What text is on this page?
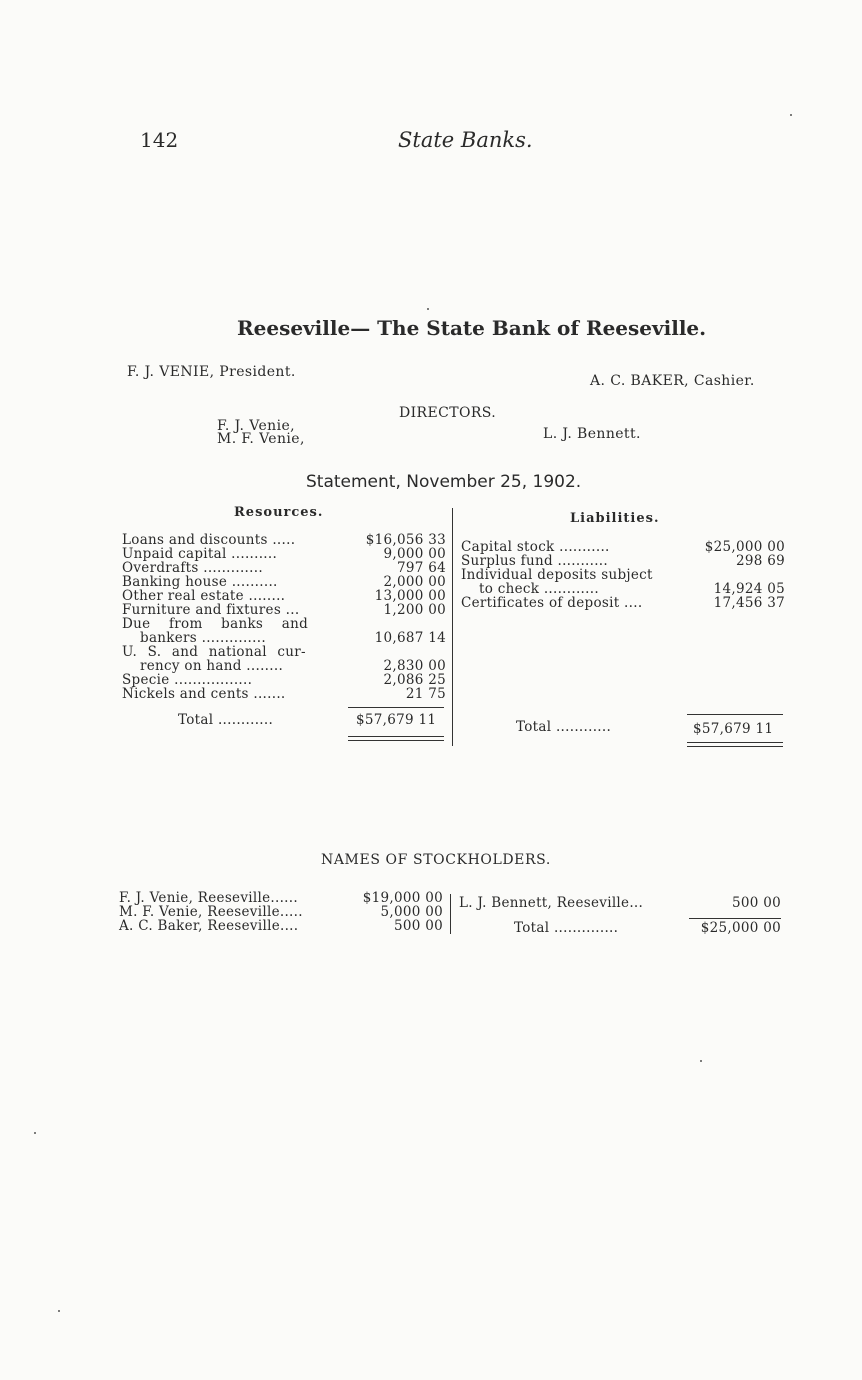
142	State Banks.
Reeseville— The State Bank of Reeseville.
F. J. VENIE, President.
A. C. BAKER, Cashier.
DIRECTORS.
F. J. Venie,
M. F. Venie,	L. J. Bennett.
Statement, November 25, 1902.
Resources.	Liabilities.
Loans and discounts .....	$16,056 33
Unpaid capital ..........	9,000 00
Overdrafts .............	797 64
Banking house ..........	2,000 00
Other real estate ........	13,000 00
Furniture and fixtures ...	1,200 00
Due from banks and
bankers ..............	10,687 14
U. S. and national cur-
rency on hand ........	2,830 00
Specie .................	2,086 25
Nickels and cents .......	21 75
Total ............	$57,679 11
Capital stock ...........	$25,000 00
Surplus fund ...........	298 69
Individual deposits subject
to check ............	14,924 05
Certificates of deposit ....	17,456 37
Total ............	$57,679 11
NAMES OF STOCKHOLDERS.
F. J. Venie, Reeseville......	$19,000 00
M. F. Venie, Reeseville.....	5,000 00
A. C. Baker, Reeseville....	500 00
L. J. Bennett, Reeseville...	500 00
Total ..............	$25,000 00
